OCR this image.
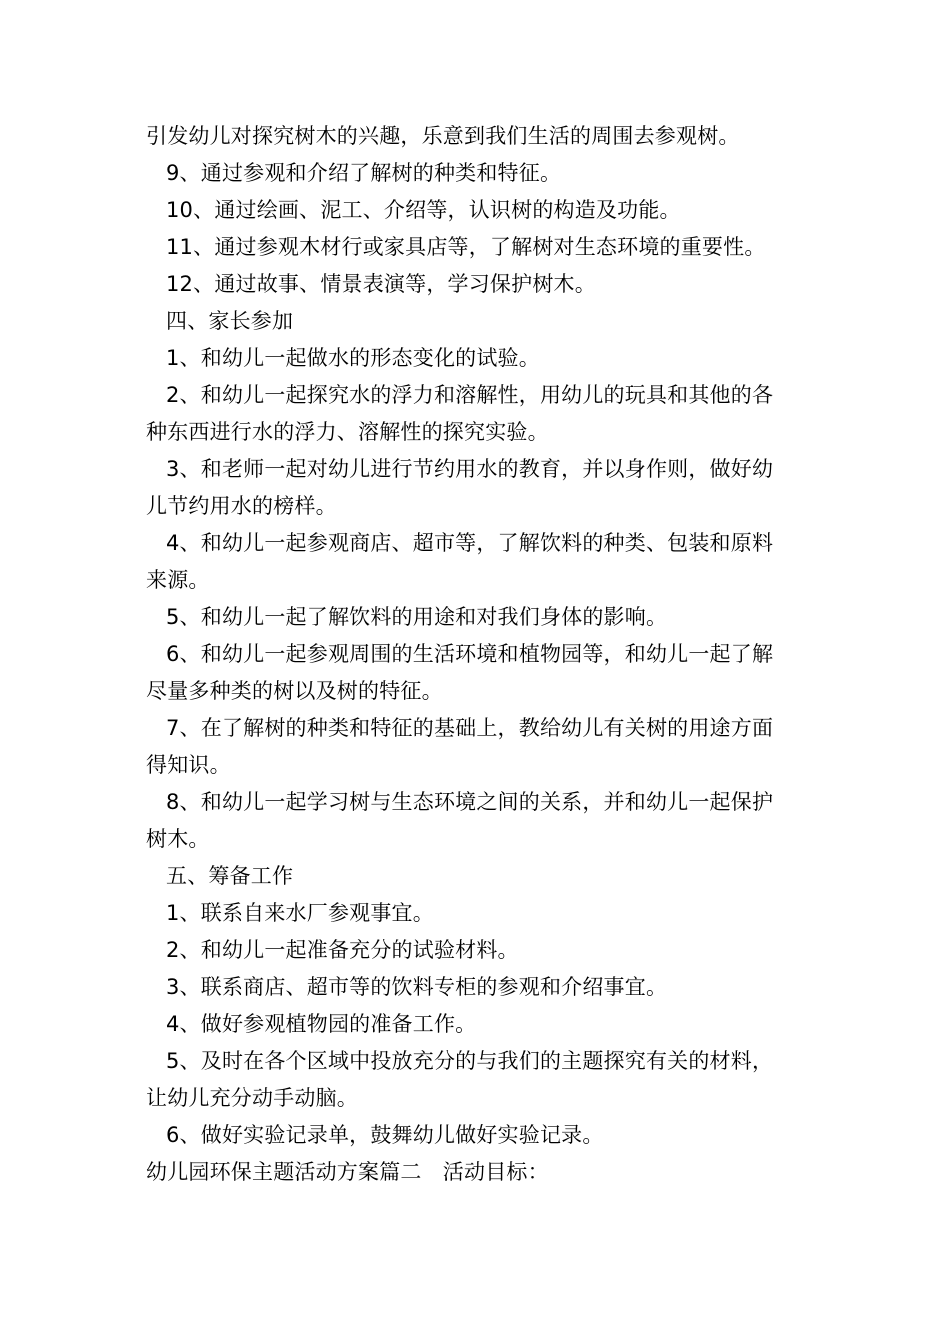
引发幼儿对探究树木的兴趣，乐意到我们生活的周围去参观树。
9、通过参观和介绍了解树的种类和特征。
10、通过绘画、泥工、介绍等，认识树的构造及功能。
11、通过参观木材行或家具店等，了解树对生态环境的重要性。
12、通过故事、情景表演等，学习保护树木。
四、家长参加
1、和幼儿一起做水的形态变化的试验。
2、和幼儿一起探究水的浮力和溶解性，用幼儿的玩具和其他的各
种东西进行水的浮力、溶解性的探究实验。
3、和老师一起对幼儿进行节约用水的教育，并以身作则，做好幼
儿节约用水的榜样。
4、和幼儿一起参观商店、超市等，了解饮料的种类、包装和原料
来源。
5、和幼儿一起了解饮料的用途和对我们身体的影响。
6、和幼儿一起参观周围的生活环境和植物园等，和幼儿一起了解
尽量多种类的树以及树的特征。
7、在了解树的种类和特征的基础上，教给幼儿有关树的用途方面
得知识。
8、和幼儿一起学习树与生态环境之间的关系，并和幼儿一起保护
树木。
五、筹备工作
1、联系自来水厂参观事宜。
2、和幼儿一起准备充分的试验材料。
3、联系商店、超市等的饮料专柜的参观和介绍事宜。
4、做好参观植物园的准备工作。
5、及时在各个区域中投放充分的与我们的主题探究有关的材料，
让幼儿充分动手动脑。
6、做好实验记录单，鼓舞幼儿做好实验记录。
幼儿园环保主题活动方案篇二　活动目标：
